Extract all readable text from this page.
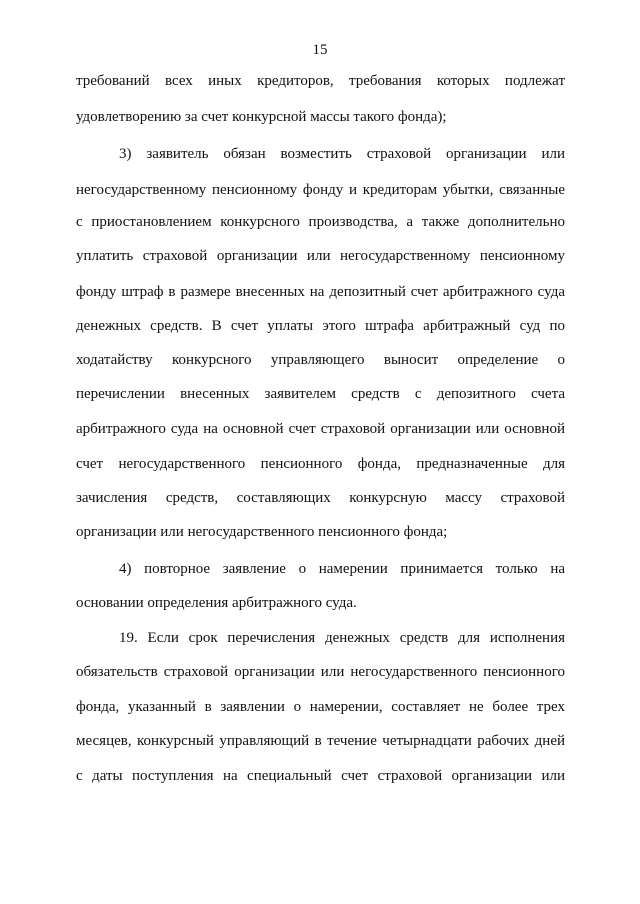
15
требований всех иных кредиторов, требования которых подлежат
удовлетворению за счет конкурсной массы такого фонда);
3) заявитель обязан возместить страховой организации или
негосударственному пенсионному фонду и кредиторам убытки, связанные
с приостановлением конкурсного производства, а также дополнительно
уплатить страховой организации или негосударственному пенсионному
фонду штраф в размере внесенных на депозитный счет арбитражного суда
денежных средств. В счет уплаты этого штрафа арбитражный суд по
ходатайству конкурсного управляющего выносит определение о
перечислении внесенных заявителем средств с депозитного счета
арбитражного суда на основной счет страховой организации или основной
счет негосударственного пенсионного фонда, предназначенные для
зачисления средств, составляющих конкурсную массу страховой
организации или негосударственного пенсионного фонда;
4) повторное заявление о намерении принимается только на
основании определения арбитражного суда.
19. Если срок перечисления денежных средств для исполнения
обязательств страховой организации или негосударственного пенсионного
фонда, указанный в заявлении о намерении, составляет не более трех
месяцев, конкурсный управляющий в течение четырнадцати рабочих дней
с даты поступления на специальный счет страховой организации или
